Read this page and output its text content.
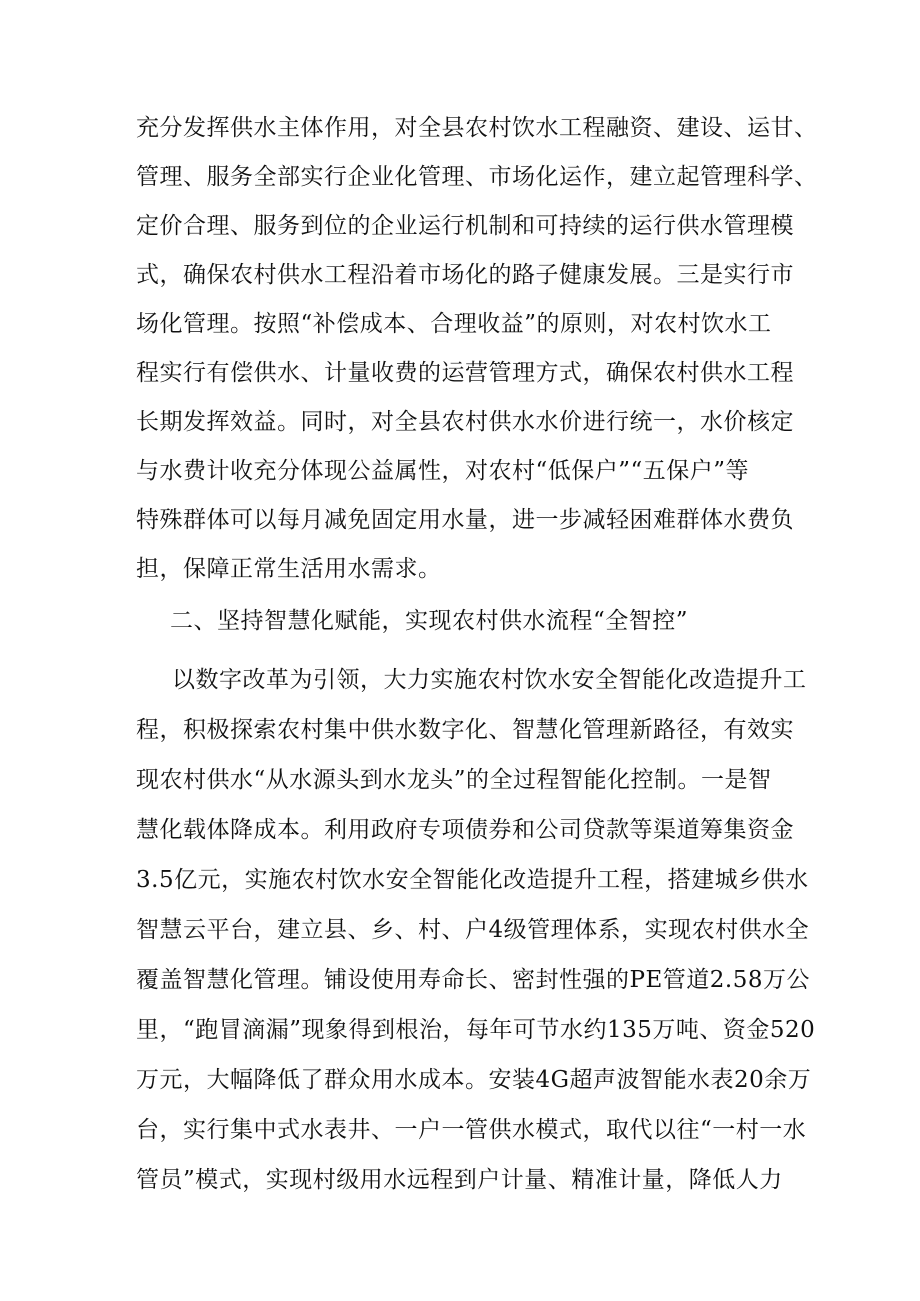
充分发挥供水主体作用，对全县农村饮水工程融资、建设、运甘、
管理、服务全部实行企业化管理、市场化运作，建立起管理科学、
定价合理、服务到位的企业运行机制和可持续的运行供水管理模
式，确保农村供水工程沿着市场化的路子健康发展。三是实行市
场化管理。按照“补偿成本、合理收益”的原则，对农村饮水工
程实行有偿供水、计量收费的运营管理方式，确保农村供水工程
长期发挥效益。同时，对全县农村供水水价进行统一，水价核定
与水费计收充分体现公益属性，对农村“低保户”“五保户”等
特殊群体可以每月减免固定用水量，进一步减轻困难群体水费负
担，保障正常生活用水需求。
二、坚持智慧化赋能，实现农村供水流程“全智控”
以数字改革为引领，大力实施农村饮水安全智能化改造提升工
程，积极探索农村集中供水数字化、智慧化管理新路径，有效实
现农村供水“从水源头到水龙头”的全过程智能化控制。一是智
慧化载体降成本。利用政府专项债券和公司贷款等渠道筹集资金
3.5亿元，实施农村饮水安全智能化改造提升工程，搭建城乡供水
智慧云平台，建立县、乡、村、户4级管理体系，实现农村供水全
覆盖智慧化管理。铺设使用寿命长、密封性强的PE管道2.58万公
里，“跑冒滴漏”现象得到根治，每年可节水约135万吨、资金520
万元，大幅降低了群众用水成本。安装4G超声波智能水表20余万
台，实行集中式水表井、一户一管供水模式，取代以往“一村一水
管员”模式，实现村级用水远程到户计量、精准计量，降低人力
